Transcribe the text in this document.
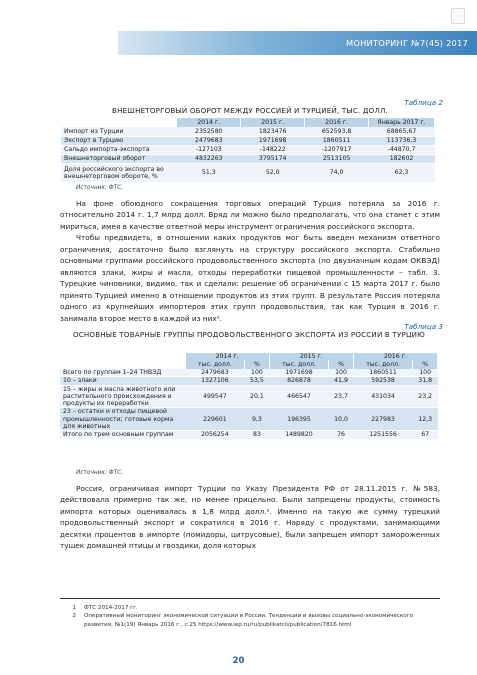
МОНИТОРИНГ №7(45) 2017
Таблица 2
ВНЕШНЕТОРГОВЫЙ ОБОРОТ МЕЖДУ РОССИЕЙ И ТУРЦИЕЙ, ТЫС. ДОЛЛ.
	2014 г.	2015 г.	2016 г.	Январь 2017 г.
Импорт из Турции	2352580	1823476	652593,8	68865,67
Экспорт в Турцию	2479683	1971698	1860511	113736,3
Сальдо импорта-экспорта	-127103	-148222	-1207917	-44870,7
Внешнеторговый оборот	4832263	3795174	2513105	182602
Доля российского экспорта во внешнеторговом обороте, %	51,3	52,0	74,0	62,3
Источник: ФТС.

На фоне обоюдного сокращения торговых операций Турция потеряла за 2016 г. относительно 2014 г. 1,7 млрд долл. Вряд ли можно было предполагать, что она станет с этим мириться, имея в качестве ответной меры инструмент ограничения российского экспорта.

Чтобы предвидеть, в отношении каких продуктов мог быть введен механизм ответного ограничения, достаточно было взглянуть на структуру российского экспорта. Стабильно основными группами российского продовольственного экспорта (по двузначным кодам ОКВЭД) являются злаки, жиры и масла, отходы переработки пищевой промышленности – табл. 3. Турецкие чиновники, видимо, так и сделали: решение об ограничении с 15 марта 2017 г. было принято Турцией именно в отношении продуктов из этих групп. В результате Россия потеряла одного из крупнейших импортеров этих групп продовольствия, так как Турция в 2016 г. занимала второе место в каждой из них¹.

Таблица 3
ОСНОВНЫЕ ТОВАРНЫЕ ГРУППЫ ПРОДОВОЛЬСТВЕННОГО ЭКСПОРТА ИЗ РОССИИ В ТУРЦИЮ
	2014 г.		2015 г.		2016 г.	
	тыс. долл.	%	тыс. долл.	%	тыс. долл.	%
Всего по группам 1–24 ТНВЭД	2479683	100	1971698	100	1860511	100
10 – злаки	1327106	53,5	826878	41,9	592538	31,8
15 – жиры и масла животного или растительного происхождения и продукты их переработки	499547	20,1	466547	23,7	431034	23,2
23 – остатки и отходы пищевой промышленности; готовые корма для животных	229601	9,3	196395	10,0	227983	12,3
Итого по трем основным группам	2056254	83	1489820	76	1251556	67
Источник: ФТС.

Россия, ограничивая импорт Турции по Указу Президента РФ от 28.11.2015 г. №583, действовала примерно так же, но менее прицельно. Были запрещены продукты, стоимость импорта которых оценивалась в 1,8 млрд долл.². Именно на такую же сумму турецкий продовольственный экспорт и сократился в 2016 г. Наряду с продуктами, занимающими десятки процентов в импорте (помидоры, цитрусовые), были запрещен импорт замороженных тушек домашней птицы и гвоздики, доля которых

1	ФТС 2014-2017 гг.
2	Оперативный мониторинг экономической ситуации в России. Тенденции и вызовы социально-экономического развития, №1(19) Январь 2016 г., с.25 https://www.iep.ru/ru/publikatcii/publication/7816.html
20
